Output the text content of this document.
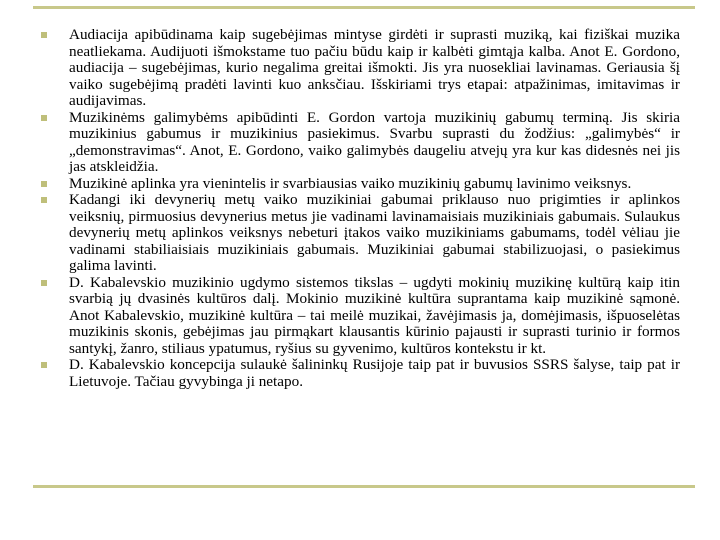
Audiacija apibūdinama kaip sugebėjimas mintyse girdėti ir suprasti muziką, kai fiziškai muzika neatliekama. Audijuoti išmokstame tuo pačiu būdu kaip ir kalbėti gimtąja kalba. Anot E. Gordono, audiacija – sugebėjimas, kurio negalima greitai išmokti. Jis yra nuosekliai lavinamas. Geriausia šį vaiko sugebėjimą pradėti lavinti kuo anksčiau. Išskiriami trys etapai: atpažinimas, imitavimas ir audijavimas.
Muzikinėms galimybėms apibūdinti E. Gordon vartoja muzikinių gabumų terminą. Jis skiria muzikinius gabumus ir muzikinius pasiekimus. Svarbu suprasti du žodžius: „galimybės“ ir „demonstravimas“. Anot, E. Gordono, vaiko galimybės daugeliu atvejų yra kur kas didesnės nei jis jas atskleidžia.
Muzikinė aplinka yra vienintelis ir svarbiausias vaiko muzikinių gabumų lavinimo veiksnys.
Kadangi iki devynerių metų vaiko muzikiniai gabumai priklauso nuo prigimties ir aplinkos veiksnių, pirmuosius devynerius metus jie vadinami lavinamaisiais muzikiniais gabumais. Sulaukus devynerių metų aplinkos veiksnys nebeturi įtakos vaiko muzikiniams gabumams, todėl vėliau jie vadinami stabiliaisiais muzikiniais gabumais. Muzikiniai gabumai stabilizuojasi, o pasiekimus galima lavinti.
D. Kabalevskio muzikinio ugdymo sistemos tikslas – ugdyti mokinių muzikinę kultūrą kaip itin svarbią jų dvasinės kultūros dalį. Mokinio muzikinė kultūra suprantama kaip muzikinė sąmonė. Anot Kabalevskio, muzikinė kultūra – tai meilė muzikai, žavėjimasis ja, domėjimasis, išpuoselėtas muzikinis skonis, gebėjimas jau pirmąkart klausantis kūrinio pajausti ir suprasti turinio ir formos santykį, žanro, stiliaus ypatumus, ryšius su gyvenimo, kultūros kontekstu ir kt.
D. Kabalevskio koncepcija sulaukė šalininkų Rusijoje taip pat ir buvusios SSRS šalyse, taip pat ir Lietuvoje. Tačiau gyvybinga ji netapo.
